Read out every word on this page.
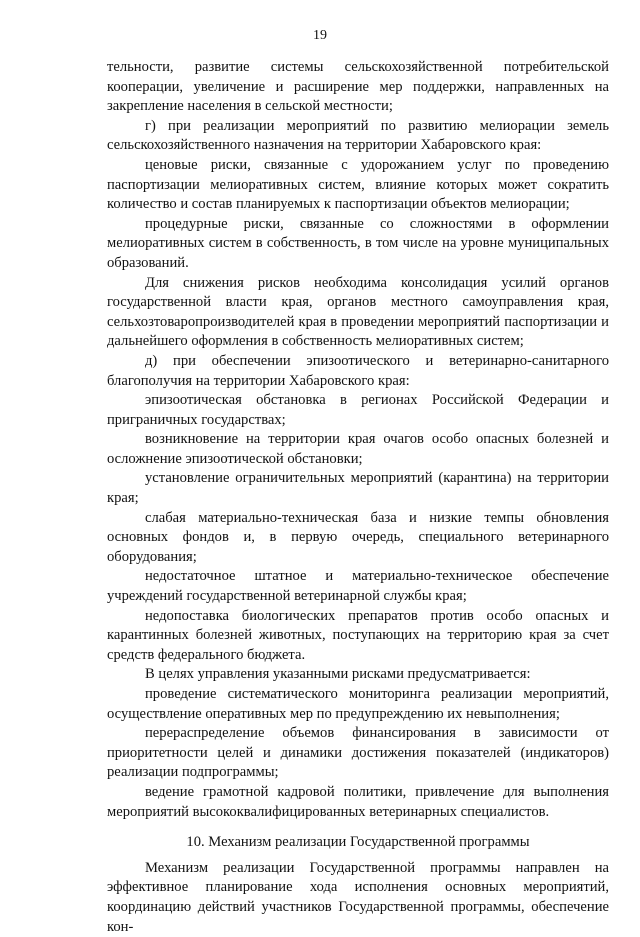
19

тельности, развитие системы сельскохозяйственной потребительской кооперации, увеличение и расширение мер поддержки, направленных на закрепление населения в сельской местности;

г) при реализации мероприятий по развитию мелиорации земель сельскохозяйственного назначения на территории Хабаровского края:

ценовые риски, связанные с удорожанием услуг по проведению паспортизации мелиоративных систем, влияние которых может сократить количество и состав планируемых к паспортизации объектов мелиорации;

процедурные риски, связанные со сложностями в оформлении мелиоративных систем в собственность, в том числе на уровне муниципальных образований.

Для снижения рисков необходима консолидация усилий органов государственной власти края, органов местного самоуправления края, сельхозтоваропроизводителей края в проведении мероприятий паспортизации и дальнейшего оформления в собственность мелиоративных систем;

д) при обеспечении эпизоотического и ветеринарно-санитарного благополучия на территории Хабаровского края:

эпизоотическая обстановка в регионах Российской Федерации и приграничных государствах;

возникновение на территории края очагов особо опасных болезней и осложнение эпизоотической обстановки;

установление ограничительных мероприятий (карантина) на территории края;

слабая материально-техническая база и низкие темпы обновления основных фондов и, в первую очередь, специального ветеринарного оборудования;

недостаточное штатное и материально-техническое обеспечение учреждений государственной ветеринарной службы края;

недопоставка биологических препаратов против особо опасных и карантинных болезней животных, поступающих на территорию края за счет средств федерального бюджета.

В целях управления указанными рисками предусматривается:

проведение систематического мониторинга реализации мероприятий, осуществление оперативных мер по предупреждению их невыполнения;

перераспределение объемов финансирования в зависимости от приоритетности целей и динамики достижения показателей (индикаторов) реализации подпрограммы;

ведение грамотной кадровой политики, привлечение для выполнения мероприятий высококвалифицированных ветеринарных специалистов.

10. Механизм реализации Государственной программы

Механизм реализации Государственной программы направлен на эффективное планирование хода исполнения основных мероприятий, координацию действий участников Государственной программы, обеспечение кон-
